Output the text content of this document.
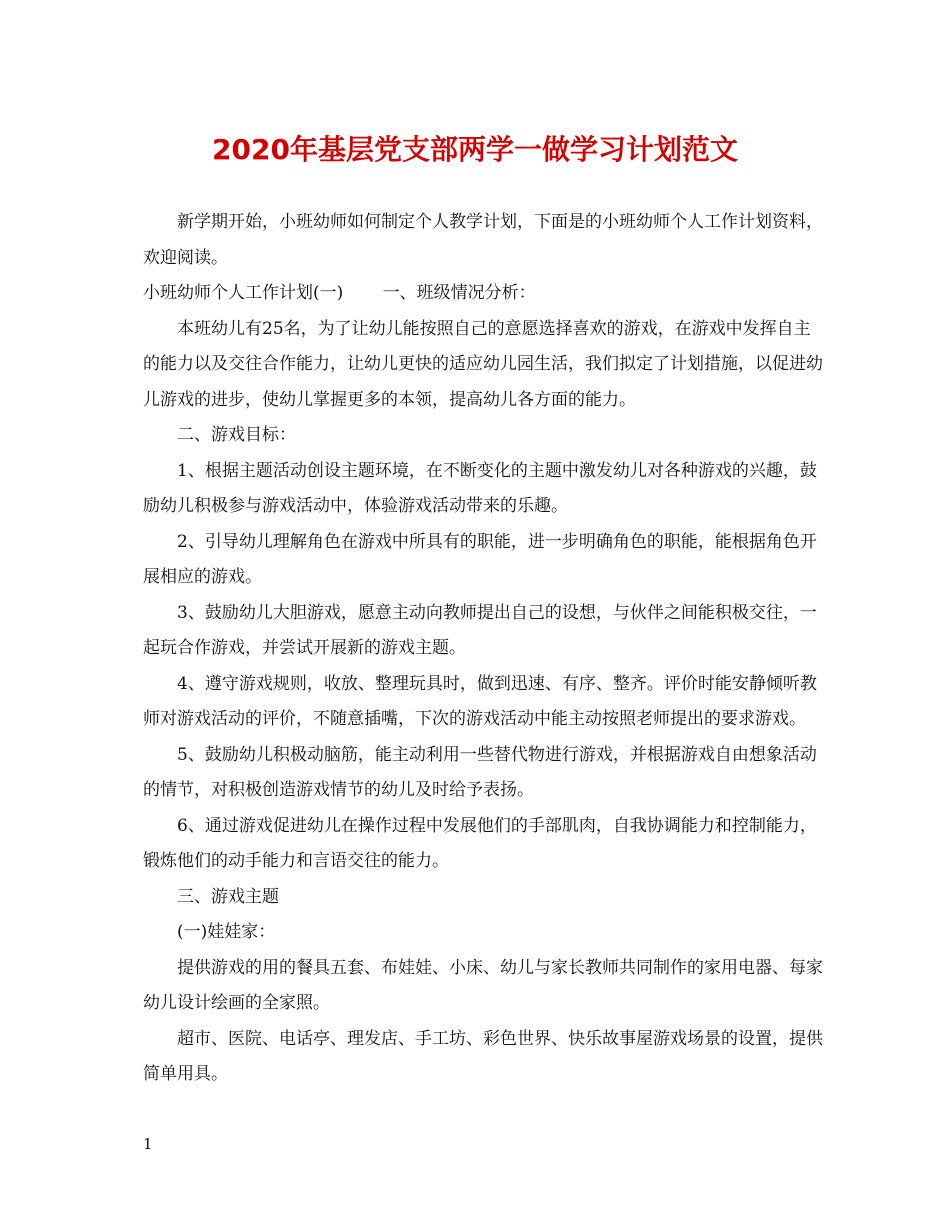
2020年基层党支部两学一做学习计划范文

新学期开始，小班幼师如何制定个人教学计划，下面是的小班幼师个人工作计划资料，欢迎阅读。

小班幼师个人工作计划(一)　　 一、班级情况分析：

本班幼儿有25名，为了让幼儿能按照自己的意愿选择喜欢的游戏，在游戏中发挥自主的能力以及交往合作能力，让幼儿更快的适应幼儿园生活，我们拟定了计划措施，以促进幼儿游戏的进步，使幼儿掌握更多的本领，提高幼儿各方面的能力。

二、游戏目标：

1、根据主题活动创设主题环境，在不断变化的主题中激发幼儿对各种游戏的兴趣，鼓励幼儿积极参与游戏活动中，体验游戏活动带来的乐趣。

2、引导幼儿理解角色在游戏中所具有的职能，进一步明确角色的职能，能根据角色开展相应的游戏。

3、鼓励幼儿大胆游戏，愿意主动向教师提出自己的设想，与伙伴之间能积极交往，一起玩合作游戏，并尝试开展新的游戏主题。

4、遵守游戏规则，收放、整理玩具时，做到迅速、有序、整齐。评价时能安静倾听教师对游戏活动的评价，不随意插嘴，下次的游戏活动中能主动按照老师提出的要求游戏。

5、鼓励幼儿积极动脑筋，能主动利用一些替代物进行游戏，并根据游戏自由想象活动的情节，对积极创造游戏情节的幼儿及时给予表扬。

6、通过游戏促进幼儿在操作过程中发展他们的手部肌肉，自我协调能力和控制能力，锻炼他们的动手能力和言语交往的能力。

三、游戏主题

(一)娃娃家：

提供游戏的用的餐具五套、布娃娃、小床、幼儿与家长教师共同制作的家用电器、每家幼儿设计绘画的全家照。

超市、医院、电话亭、理发店、手工坊、彩色世界、快乐故事屋游戏场景的设置，提供简单用具。

1
